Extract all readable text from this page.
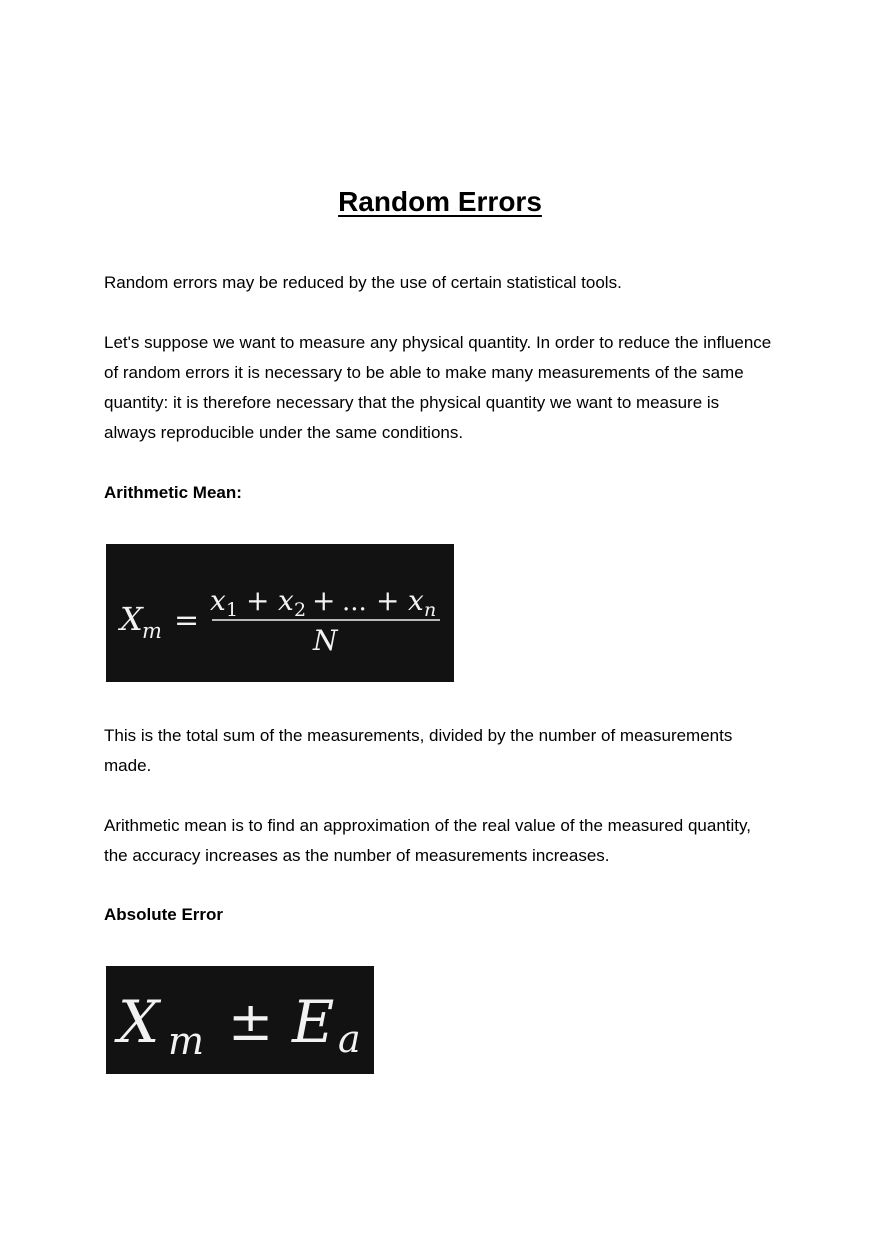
Random Errors

Random errors may be reduced by the use of certain statistical tools.

Let's suppose we want to measure any physical quantity. In order to reduce the influence of random errors it is necessary to be able to make many measurements of the same quantity: it is therefore necessary that the physical quantity we want to measure is always reproducible under the same conditions.

Arithmetic Mean:

X m =
x 1 + x 2 + ... + x n
N

This is the total sum of the measurements, divided by the number of measurements made.

Arithmetic mean is to find an approximation of the real value of the measured quantity, the accuracy increases as the number of measurements increases.

Absolute Error

X m ± E a
